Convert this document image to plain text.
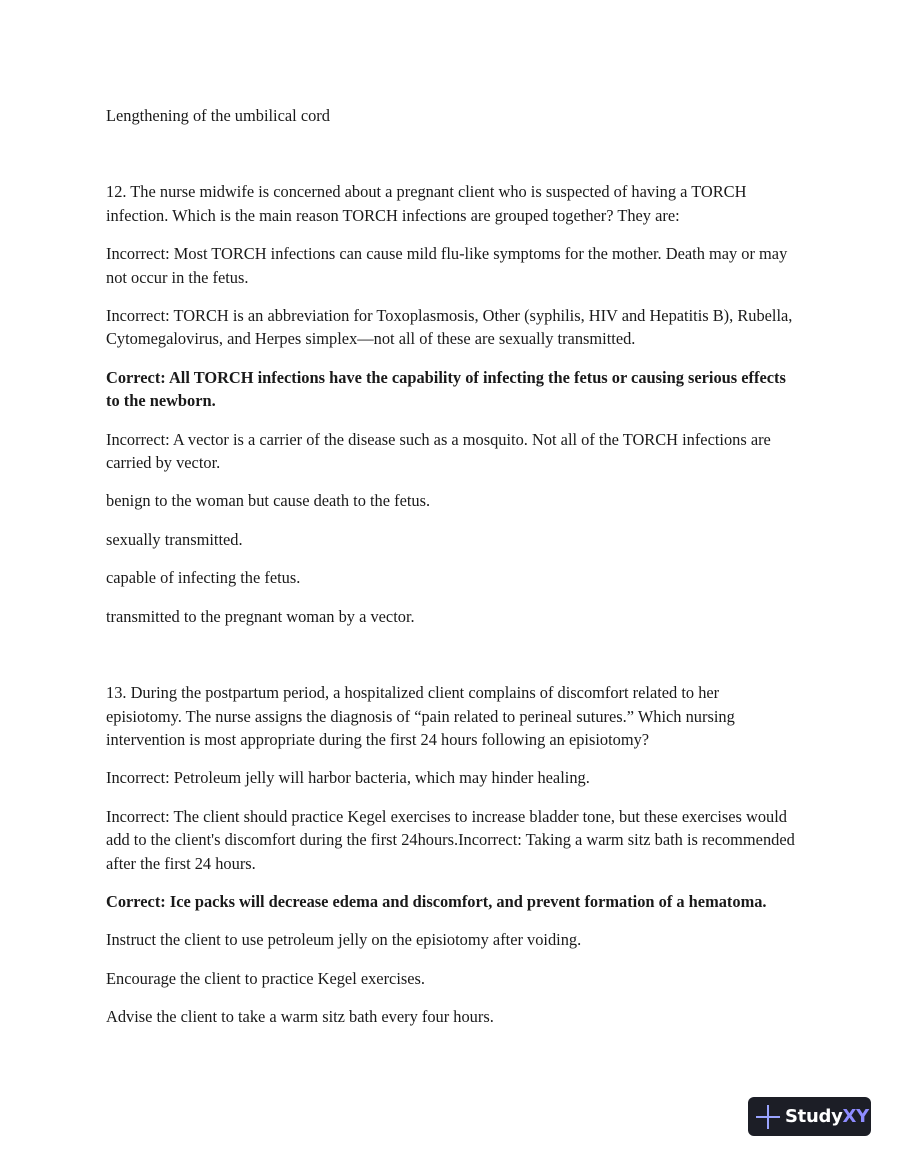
Lengthening of the umbilical cord

12. The nurse midwife is concerned about a pregnant client who is suspected of having a TORCH infection. Which is the main reason TORCH infections are grouped together? They are:

Incorrect: Most TORCH infections can cause mild flu-like symptoms for the mother. Death may or may not occur in the fetus.

Incorrect: TORCH is an abbreviation for Toxoplasmosis, Other (syphilis, HIV and Hepatitis B), Rubella, Cytomegalovirus, and Herpes simplex—not all of these are sexually transmitted.

Correct: All TORCH infections have the capability of infecting the fetus or causing serious effects to the newborn.

Incorrect: A vector is a carrier of the disease such as a mosquito. Not all of the TORCH infections are carried by vector.

benign to the woman but cause death to the fetus.

sexually transmitted.

capable of infecting the fetus.

transmitted to the pregnant woman by a vector.

13. During the postpartum period, a hospitalized client complains of discomfort related to her episiotomy. The nurse assigns the diagnosis of “pain related to perineal sutures.” Which nursing intervention is most appropriate during the first 24 hours following an episiotomy?

Incorrect: Petroleum jelly will harbor bacteria, which may hinder healing.

Incorrect: The client should practice Kegel exercises to increase bladder tone, but these exercises would add to the client's discomfort during the first 24hours.Incorrect: Taking a warm sitz bath is recommended after the first 24 hours.

Correct: Ice packs will decrease edema and discomfort, and prevent formation of a hematoma.

Instruct the client to use petroleum jelly on the episiotomy after voiding.

Encourage the client to practice Kegel exercises.

Advise the client to take a warm sitz bath every four hours.

StudyXY
